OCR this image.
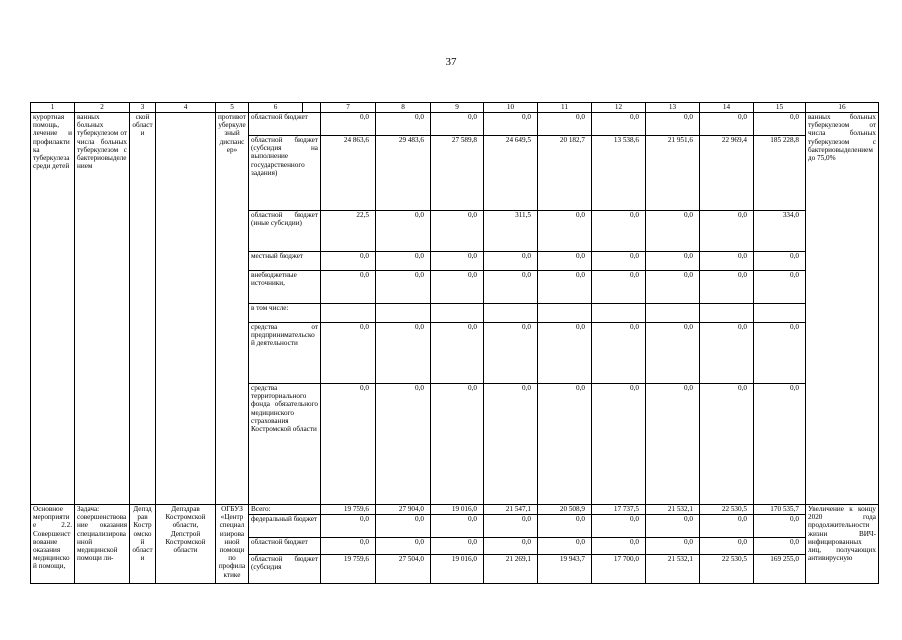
37
1	2	3	4	5	6		7	8	9	10	11	12	13	14	15	16
курортная помощь, лечение и профилактика туберкулеза среди детей	ванных больных туберкулезом от числа больных туберкулезом с бактериовыделением	ской области		противотуберкулезный диспансер»	областной бюджет		0,0	0,0	0,0	0,0	0,0	0,0	0,0	0,0	0,0	ванных больных туберкулезом от числа больных туберкулезом с бактериовыделением до 75,0%
					областной бюджет (субсидия на выполнение государственного задания)		24 863,6	29 483,6	27 589,8	24 649,5	20 182,7	13 538,6	21 951,6	22 969,4	185 228,8	
					областной бюджет (иные субсидии)		22,5	0,0	0,0	311,5	0,0	0,0	0,0	0,0	334,0	
					местный бюджет		0,0	0,0	0,0	0,0	0,0	0,0	0,0	0,0	0,0	
					внебюджетные источники,		0,0	0,0	0,0	0,0	0,0	0,0	0,0	0,0	0,0	
					в том числе:											
					средства от предпринимательской деятельности		0,0	0,0	0,0	0,0	0,0	0,0	0,0	0,0	0,0	
					средства территориального фонда обязательного медицинского страхования Костромской области		0,0	0,0	0,0	0,0	0,0	0,0	0,0	0,0	0,0	
Основное мероприятие 2.2. Совершенствование оказания медицинской помощи,	Задача: совершенствование оказания специализированной медицинской помощи ли-	Депздрав Костромской области	Депздрав Костромской области, Депстрой Костромской области	ОГБУЗ «Центр специализированной помощи по профилактике	Всего:		19 759,6	27 904,0	19 016,0	21 547,1	20 508,9	17 737,5	21 532,1	22 530,5	170 535,7	Увеличение к концу 2020 года продолжительности жизни ВИЧ-инфицированных лиц, получающих антивирусную
					федеральный бюджет		0,0	0,0	0,0	0,0	0,0	0,0	0,0	0,0	0,0	
					областной бюджет		0,0	0,0	0,0	0,0	0,0	0,0	0,0	0,0	0,0	
					областной бюджет (субсидия		19 759,6	27 504,0	19 016,0	21 269,1	19 943,7	17 700,0	21 532,1	22 530,5	169 255,0	
